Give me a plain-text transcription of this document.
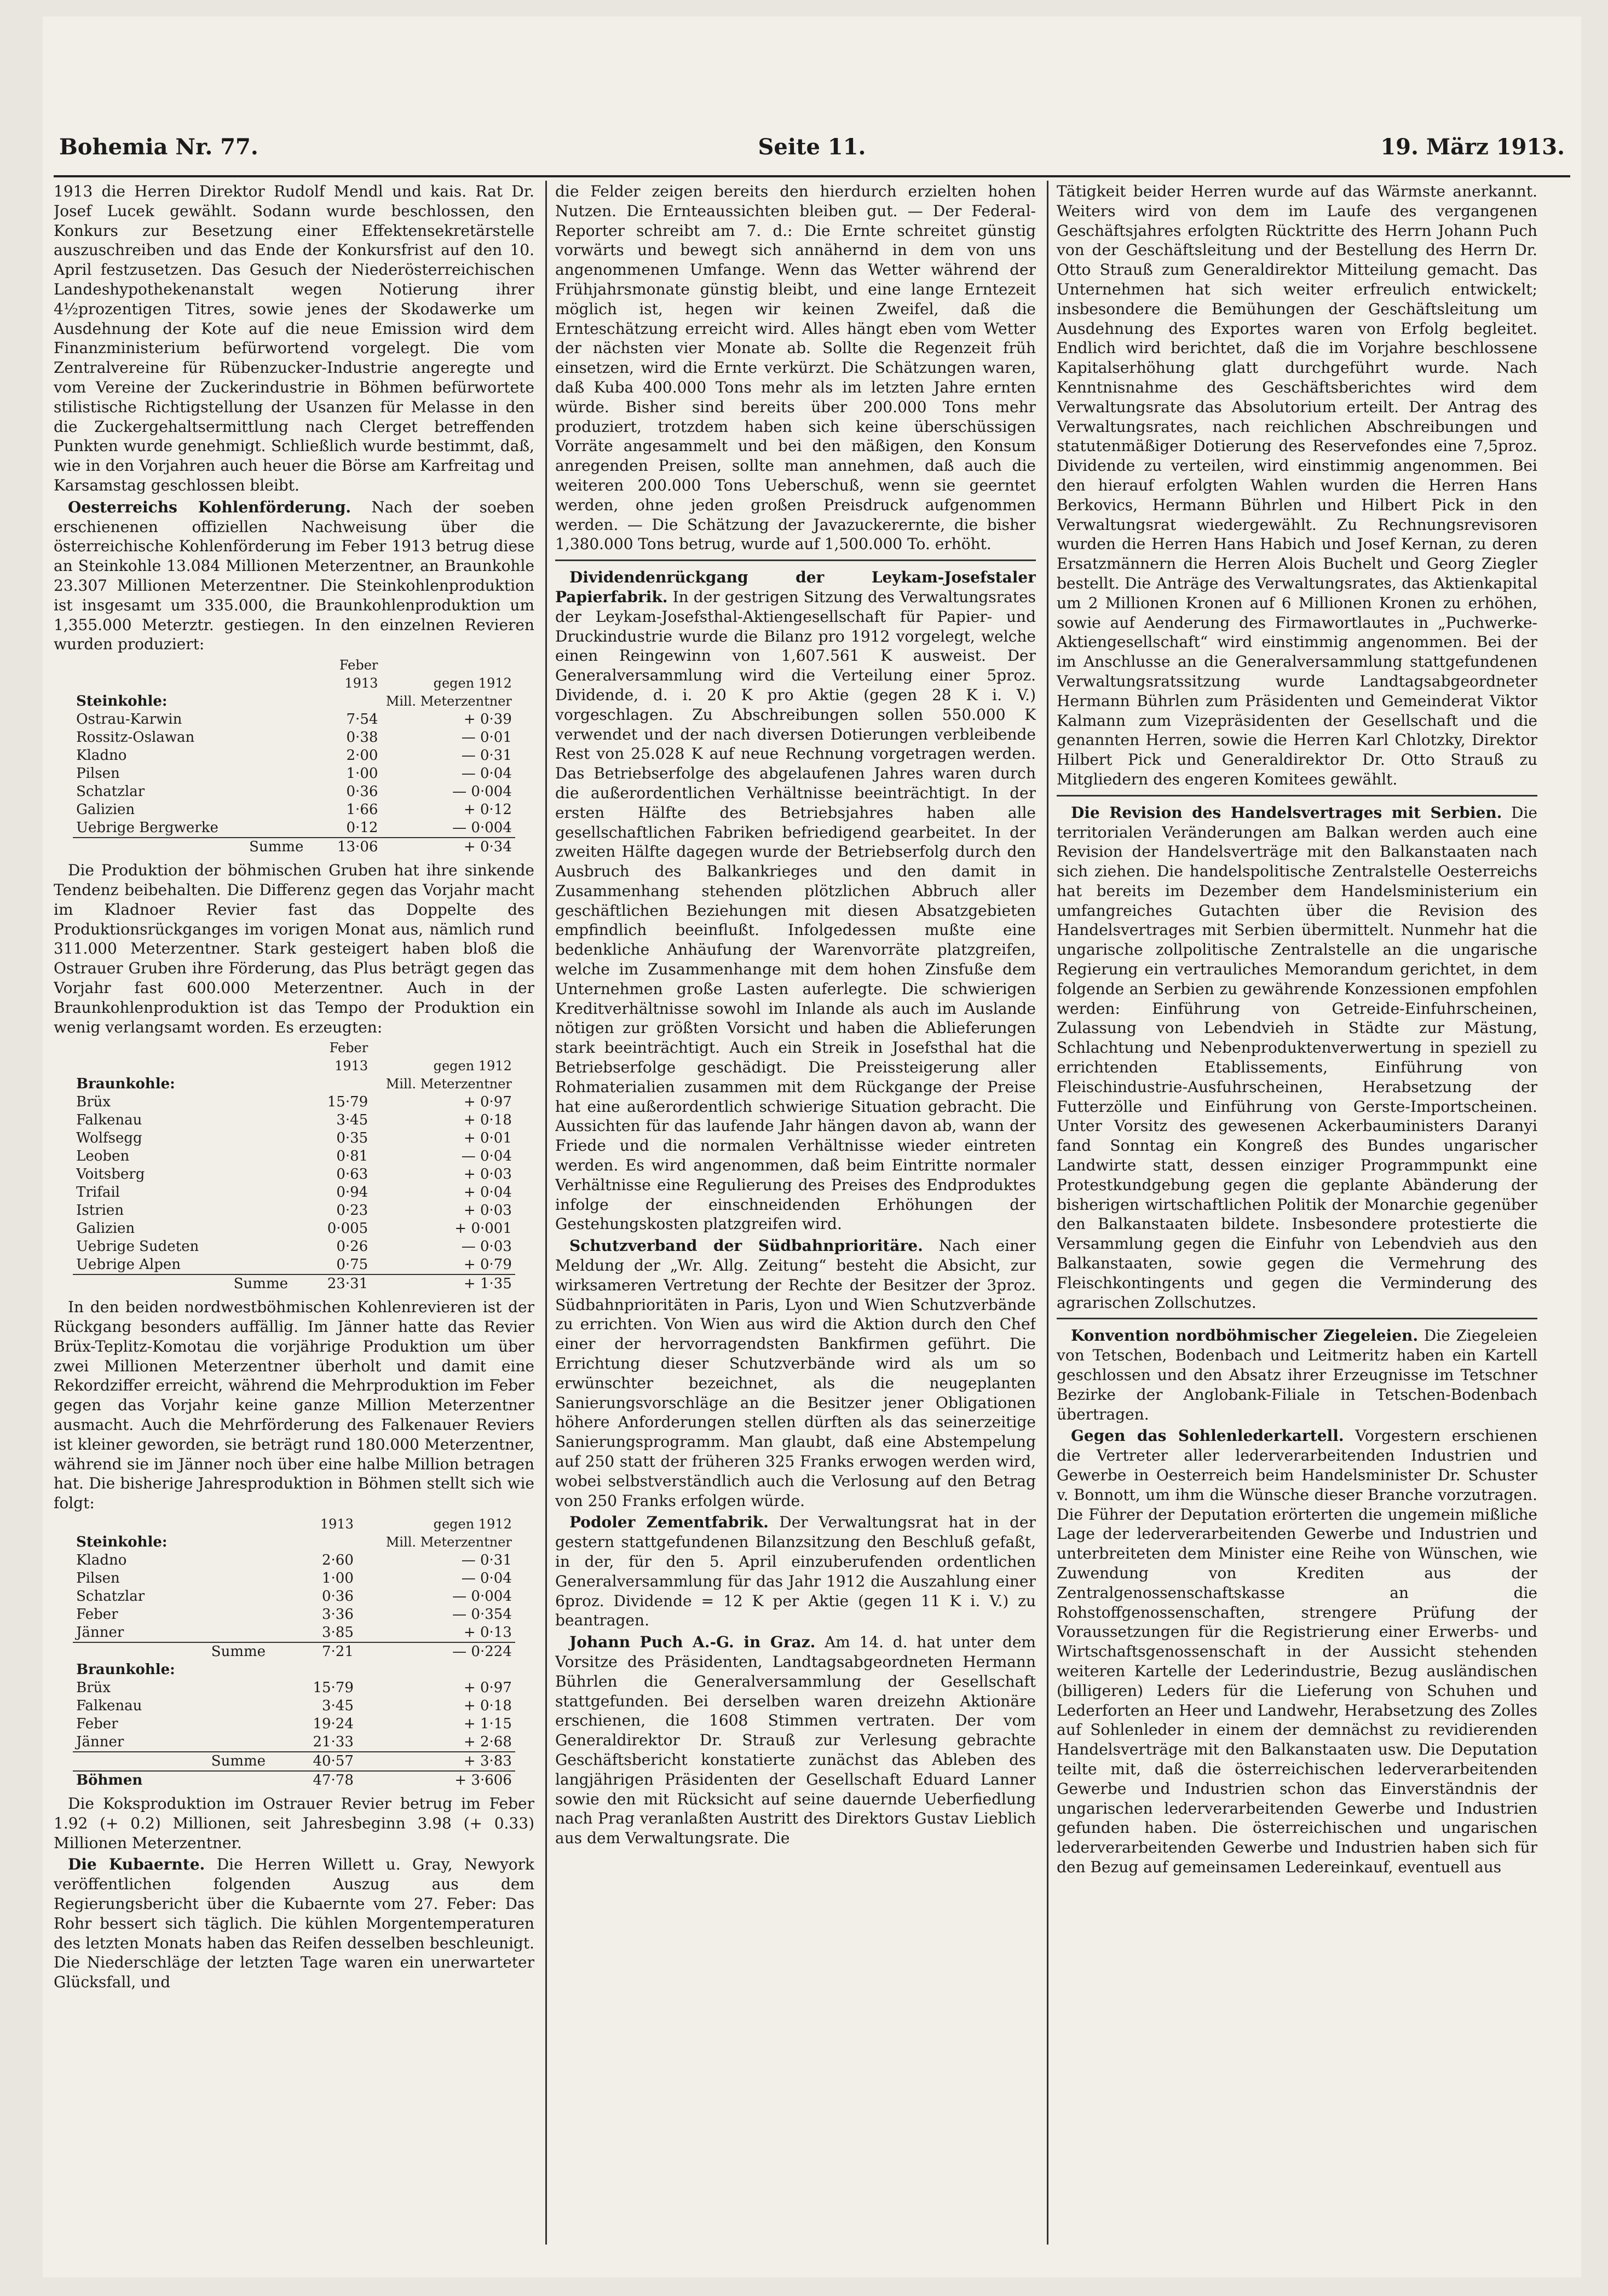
Bohemia Nr. 77.	Seite 11.	19. März 1913.

1913 die Herren Direktor Rudolf Mendl und kais. Rat Dr. Josef Lucek gewählt. Sodann wurde beschlossen, den Konkurs zur Besetzung einer Effektensekretärstelle auszuschreiben und das Ende der Konkursfrist auf den 10. April festzusetzen. Das Gesuch der Niederösterreichischen Landeshypothekenanstalt wegen Notierung ihrer 4½prozentigen Titres, sowie jenes der Skodawerke um Ausdehnung der Kote auf die neue Emission wird dem Finanzministerium befürwortend vorgelegt. Die vom Zentralvereine für Rübenzucker-Industrie angeregte und vom Vereine der Zuckerindustrie in Böhmen befürwortete stilistische Richtigstellung der Usanzen für Melasse in den die Zuckergehaltsermittlung nach Clerget betreffenden Punkten wurde genehmigt. Schließlich wurde bestimmt, daß, wie in den Vorjahren auch heuer die Börse am Karfreitag und Karsamstag geschlossen bleibt.

Oesterreichs Kohlenförderung. Nach der soeben erschienenen offiziellen Nachweisung über die österreichische Kohlenförderung im Feber 1913 betrug diese an Steinkohle 13.084 Millionen Meterzentner, an Braunkohle 23.307 Millionen Meterzentner. Die Steinkohlenproduktion ist insgesamt um 335.000, die Braunkohlenproduktion um 1,355.000 Meterztr. gestiegen. In den einzelnen Revieren wurden produziert:

	Feber	
	1913	gegen 1912
Steinkohle:	Mill. Meterzentner	
Ostrau-Karwin	7·54	+ 0·39
Rossitz-Oslawan	0·38	— 0·01
Kladno	2·00	— 0·31
Pilsen	1·00	— 0·04
Schatzlar	0·36	— 0·004
Galizien	1·66	+ 0·12
Uebrige Bergwerke	0·12	— 0·004
Summe	13·06	+ 0·34

Die Produktion der böhmischen Gruben hat ihre sinkende Tendenz beibehalten. Die Differenz gegen das Vorjahr macht im Kladnoer Revier fast das Doppelte des Produktionsrückganges im vorigen Monat aus, nämlich rund 311.000 Meterzentner. Stark gesteigert haben bloß die Ostrauer Gruben ihre Förderung, das Plus beträgt gegen das Vorjahr fast 600.000 Meterzentner. Auch in der Braunkohlenproduktion ist das Tempo der Produktion ein wenig verlangsamt worden. Es erzeugten:

	Feber	
	1913	gegen 1912
Braunkohle:	Mill. Meterzentner	
Brüx	15·79	+ 0·97
Falkenau	3·45	+ 0·18
Wolfsegg	0·35	+ 0·01
Leoben	0·81	— 0·04
Voitsberg	0·63	+ 0·03
Trifail	0·94	+ 0·04
Istrien	0·23	+ 0·03
Galizien	0·005	+ 0·001
Uebrige Sudeten	0·26	— 0·03
Uebrige Alpen	0·75	+ 0·79
Summe	23·31	+ 1·35

In den beiden nordwestböhmischen Kohlenrevieren ist der Rückgang besonders auffällig. Im Jänner hatte das Revier Brüx-Teplitz-Komotau die vorjährige Produktion um über zwei Millionen Meterzentner überholt und damit eine Rekordziffer erreicht, während die Mehrproduktion im Feber gegen das Vorjahr keine ganze Million Meterzentner ausmacht. Auch die Mehrförderung des Falkenauer Reviers ist kleiner geworden, sie beträgt rund 180.000 Meterzentner, während sie im Jänner noch über eine halbe Million betragen hat. Die bisherige Jahresproduktion in Böhmen stellt sich wie folgt:

	1913	gegen 1912
Steinkohle:	Mill. Meterzentner	
Kladno	2·60	— 0·31
Pilsen	1·00	— 0·04
Schatzlar	0·36	— 0·004
Feber	3·36	— 0·354
Jänner	3·85	+ 0·13
Summe	7·21	— 0·224
Braunkohle:		
Brüx	15·79	+ 0·97
Falkenau	3·45	+ 0·18
Feber	19·24	+ 1·15
Jänner	21·33	+ 2·68
Summe	40·57	+ 3·83
Böhmen	47·78	+ 3·606

Die Koksproduktion im Ostrauer Revier betrug im Feber 1.92 (+ 0.2) Millionen, seit Jahresbeginn 3.98 (+ 0.33) Millionen Meterzentner.

Die Kubaernte. Die Herren Willett u. Gray, Newyork veröffentlichen folgenden Auszug aus dem Regierungsbericht über die Kubaernte vom 27. Feber: Das Rohr bessert sich täglich. Die kühlen Morgentemperaturen des letzten Monats haben das Reifen desselben beschleunigt. Die Niederschläge der letzten Tage waren ein unerwarteter Glücksfall, und

die Felder zeigen bereits den hierdurch erzielten hohen Nutzen. Die Ernteaussichten bleiben gut. — Der Federal-Reporter schreibt am 7. d.: Die Ernte schreitet günstig vorwärts und bewegt sich annähernd in dem von uns angenommenen Umfange. Wenn das Wetter während der Frühjahrsmonate günstig bleibt, und eine lange Erntezeit möglich ist, hegen wir keinen Zweifel, daß die Ernteschätzung erreicht wird. Alles hängt eben vom Wetter der nächsten vier Monate ab. Sollte die Regenzeit früh einsetzen, wird die Ernte verkürzt. Die Schätzungen waren, daß Kuba 400.000 Tons mehr als im letzten Jahre ernten würde. Bisher sind bereits über 200.000 Tons mehr produziert, trotzdem haben sich keine überschüssigen Vorräte angesammelt und bei den mäßigen, den Konsum anregenden Preisen, sollte man annehmen, daß auch die weiteren 200.000 Tons Ueberschuß, wenn sie geerntet werden, ohne jeden großen Preisdruck aufgenommen werden. — Die Schätzung der Javazuckerernte, die bisher 1,380.000 Tons betrug, wurde auf 1,500.000 To. erhöht.

Dividendenrückgang der Leykam-Josefstaler Papierfabrik. In der gestrigen Sitzung des Verwaltungsrates der Leykam-Josefsthal-Aktiengesellschaft für Papier- und Druckindustrie wurde die Bilanz pro 1912 vorgelegt, welche einen Reingewinn von 1,607.561 K ausweist. Der Generalversammlung wird die Verteilung einer 5proz. Dividende, d. i. 20 K pro Aktie (gegen 28 K i. V.) vorgeschlagen. Zu Abschreibungen sollen 550.000 K verwendet und der nach diversen Dotierungen verbleibende Rest von 25.028 K auf neue Rechnung vorgetragen werden. Das Betriebserfolge des abgelaufenen Jahres waren durch die außerordentlichen Verhältnisse beeinträchtigt. In der ersten Hälfte des Betriebsjahres haben alle gesellschaftlichen Fabriken befriedigend gearbeitet. In der zweiten Hälfte dagegen wurde der Betriebserfolg durch den Ausbruch des Balkankrieges und den damit in Zusammenhang stehenden plötzlichen Abbruch aller geschäftlichen Beziehungen mit diesen Absatzgebieten empfindlich beeinflußt. Infolgedessen mußte eine bedenkliche Anhäufung der Warenvorräte platzgreifen, welche im Zusammenhange mit dem hohen Zinsfuße dem Unternehmen große Lasten auferlegte. Die schwierigen Kreditverhältnisse sowohl im Inlande als auch im Auslande nötigen zur größten Vorsicht und haben die Ablieferungen stark beeinträchtigt. Auch ein Streik in Josefsthal hat die Betriebserfolge geschädigt. Die Preissteigerung aller Rohmaterialien zusammen mit dem Rückgange der Preise hat eine außerordentlich schwierige Situation gebracht. Die Aussichten für das laufende Jahr hängen davon ab, wann der Friede und die normalen Verhältnisse wieder eintreten werden. Es wird angenommen, daß beim Eintritte normaler Verhältnisse eine Regulierung des Preises des Endproduktes infolge der einschneidenden Erhöhungen der Gestehungskosten platzgreifen wird.

Schutzverband der Südbahnprioritäre. Nach einer Meldung der „Wr. Allg. Zeitung“ besteht die Absicht, zur wirksameren Vertretung der Rechte der Besitzer der 3proz. Südbahnprioritäten in Paris, Lyon und Wien Schutzverbände zu errichten. Von Wien aus wird die Aktion durch den Chef einer der hervorragendsten Bankfirmen geführt. Die Errichtung dieser Schutzverbände wird als um so erwünschter bezeichnet, als die neugeplanten Sanierungsvorschläge an die Besitzer jener Obligationen höhere Anforderungen stellen dürften als das seinerzeitige Sanierungsprogramm. Man glaubt, daß eine Abstempelung auf 250 statt der früheren 325 Franks erwogen werden wird, wobei selbstverständlich auch die Verlosung auf den Betrag von 250 Franks erfolgen würde.

Podoler Zementfabrik. Der Verwaltungsrat hat in der gestern stattgefundenen Bilanzsitzung den Beschluß gefaßt, in der, für den 5. April einzuberufenden ordentlichen Generalversammlung für das Jahr 1912 die Auszahlung einer 6proz. Dividende = 12 K per Aktie (gegen 11 K i. V.) zu beantragen.

Johann Puch A.-G. in Graz. Am 14. d. hat unter dem Vorsitze des Präsidenten, Landtagsabgeordneten Hermann Bührlen die Generalversammlung der Gesellschaft stattgefunden. Bei derselben waren dreizehn Aktionäre erschienen, die 1608 Stimmen vertraten. Der vom Generaldirektor Dr. Strauß zur Verlesung gebrachte Geschäftsbericht konstatierte zunächst das Ableben des langjährigen Präsidenten der Gesellschaft Eduard Lanner sowie den mit Rücksicht auf seine dauernde Ueberfiedlung nach Prag veranlaßten Austritt des Direktors Gustav Lieblich aus dem Verwaltungsrate. Die

Tätigkeit beider Herren wurde auf das Wärmste anerkannt. Weiters wird von dem im Laufe des vergangenen Geschäftsjahres erfolgten Rücktritte des Herrn Johann Puch von der Geschäftsleitung und der Bestellung des Herrn Dr. Otto Strauß zum Generaldirektor Mitteilung gemacht. Das Unternehmen hat sich weiter erfreulich entwickelt; insbesondere die Bemühungen der Geschäftsleitung um Ausdehnung des Exportes waren von Erfolg begleitet. Endlich wird berichtet, daß die im Vorjahre beschlossene Kapitalserhöhung glatt durchgeführt wurde. Nach Kenntnisnahme des Geschäftsberichtes wird dem Verwaltungsrate das Absolutorium erteilt. Der Antrag des Verwaltungsrates, nach reichlichen Abschreibungen und statutenmäßiger Dotierung des Reservefondes eine 7,5proz. Dividende zu verteilen, wird einstimmig angenommen. Bei den hierauf erfolgten Wahlen wurden die Herren Hans Berkovics, Hermann Bührlen und Hilbert Pick in den Verwaltungsrat wiedergewählt. Zu Rechnungsrevisoren wurden die Herren Hans Habich und Josef Kernan, zu deren Ersatzmännern die Herren Alois Buchelt und Georg Ziegler bestellt. Die Anträge des Verwaltungsrates, das Aktienkapital um 2 Millionen Kronen auf 6 Millionen Kronen zu erhöhen, sowie auf Aenderung des Firmawortlautes in „Puchwerke-Aktiengesellschaft“ wird einstimmig angenommen. Bei der im Anschlusse an die Generalversammlung stattgefundenen Verwaltungsratssitzung wurde Landtagsabgeordneter Hermann Bührlen zum Präsidenten und Gemeinderat Viktor Kalmann zum Vizepräsidenten der Gesellschaft und die genannten Herren, sowie die Herren Karl Chlotzky, Direktor Hilbert Pick und Generaldirektor Dr. Otto Strauß zu Mitgliedern des engeren Komitees gewählt.

Die Revision des Handelsvertrages mit Serbien. Die territorialen Veränderungen am Balkan werden auch eine Revision der Handelsverträge mit den Balkanstaaten nach sich ziehen. Die handelspolitische Zentralstelle Oesterreichs hat bereits im Dezember dem Handelsministerium ein umfangreiches Gutachten über die Revision des Handelsvertrages mit Serbien übermittelt. Nunmehr hat die ungarische zollpolitische Zentralstelle an die ungarische Regierung ein vertrauliches Memorandum gerichtet, in dem folgende an Serbien zu gewährende Konzessionen empfohlen werden: Einführung von Getreide-Einfuhrscheinen, Zulassung von Lebendvieh in Städte zur Mästung, Schlachtung und Nebenproduktenverwertung in speziell zu errichtenden Etablissements, Einführung von Fleischindustrie-Ausfuhrscheinen, Herabsetzung der Futterzölle und Einführung von Gerste-Importscheinen. Unter Vorsitz des gewesenen Ackerbauministers Daranyi fand Sonntag ein Kongreß des Bundes ungarischer Landwirte statt, dessen einziger Programmpunkt eine Protestkundgebung gegen die geplante Abänderung der bisherigen wirtschaftlichen Politik der Monarchie gegenüber den Balkanstaaten bildete. Insbesondere protestierte die Versammlung gegen die Einfuhr von Lebendvieh aus den Balkanstaaten, sowie gegen die Vermehrung des Fleischkontingents und gegen die Verminderung des agrarischen Zollschutzes.

Konvention nordböhmischer Ziegeleien. Die Ziegeleien von Tetschen, Bodenbach und Leitmeritz haben ein Kartell geschlossen und den Absatz ihrer Erzeugnisse im Tetschner Bezirke der Anglobank-Filiale in Tetschen-Bodenbach übertragen.

Gegen das Sohlenlederkartell. Vorgestern erschienen die Vertreter aller lederverarbeitenden Industrien und Gewerbe in Oesterreich beim Handelsminister Dr. Schuster v. Bonnott, um ihm die Wünsche dieser Branche vorzutragen. Die Führer der Deputation erörterten die ungemein mißliche Lage der lederverarbeitenden Gewerbe und Industrien und unterbreiteten dem Minister eine Reihe von Wünschen, wie Zuwendung von Krediten aus der Zentralgenossenschaftskasse an die Rohstoffgenossenschaften, strengere Prüfung der Voraussetzungen für die Registrierung einer Erwerbs- und Wirtschaftsgenossenschaft in der Aussicht stehenden weiteren Kartelle der Lederindustrie, Bezug ausländischen (billigeren) Leders für die Lieferung von Schuhen und Lederforten an Heer und Landwehr, Herabsetzung des Zolles auf Sohlenleder in einem der demnächst zu revidierenden Handelsverträge mit den Balkanstaaten usw. Die Deputation teilte mit, daß die österreichischen lederverarbeitenden Gewerbe und Industrien schon das Einverständnis der ungarischen lederverarbeitenden Gewerbe und Industrien gefunden haben. Die österreichischen und ungarischen lederverarbeitenden Gewerbe und Industrien haben sich für den Bezug auf gemeinsamen Ledereinkauf, eventuell aus
